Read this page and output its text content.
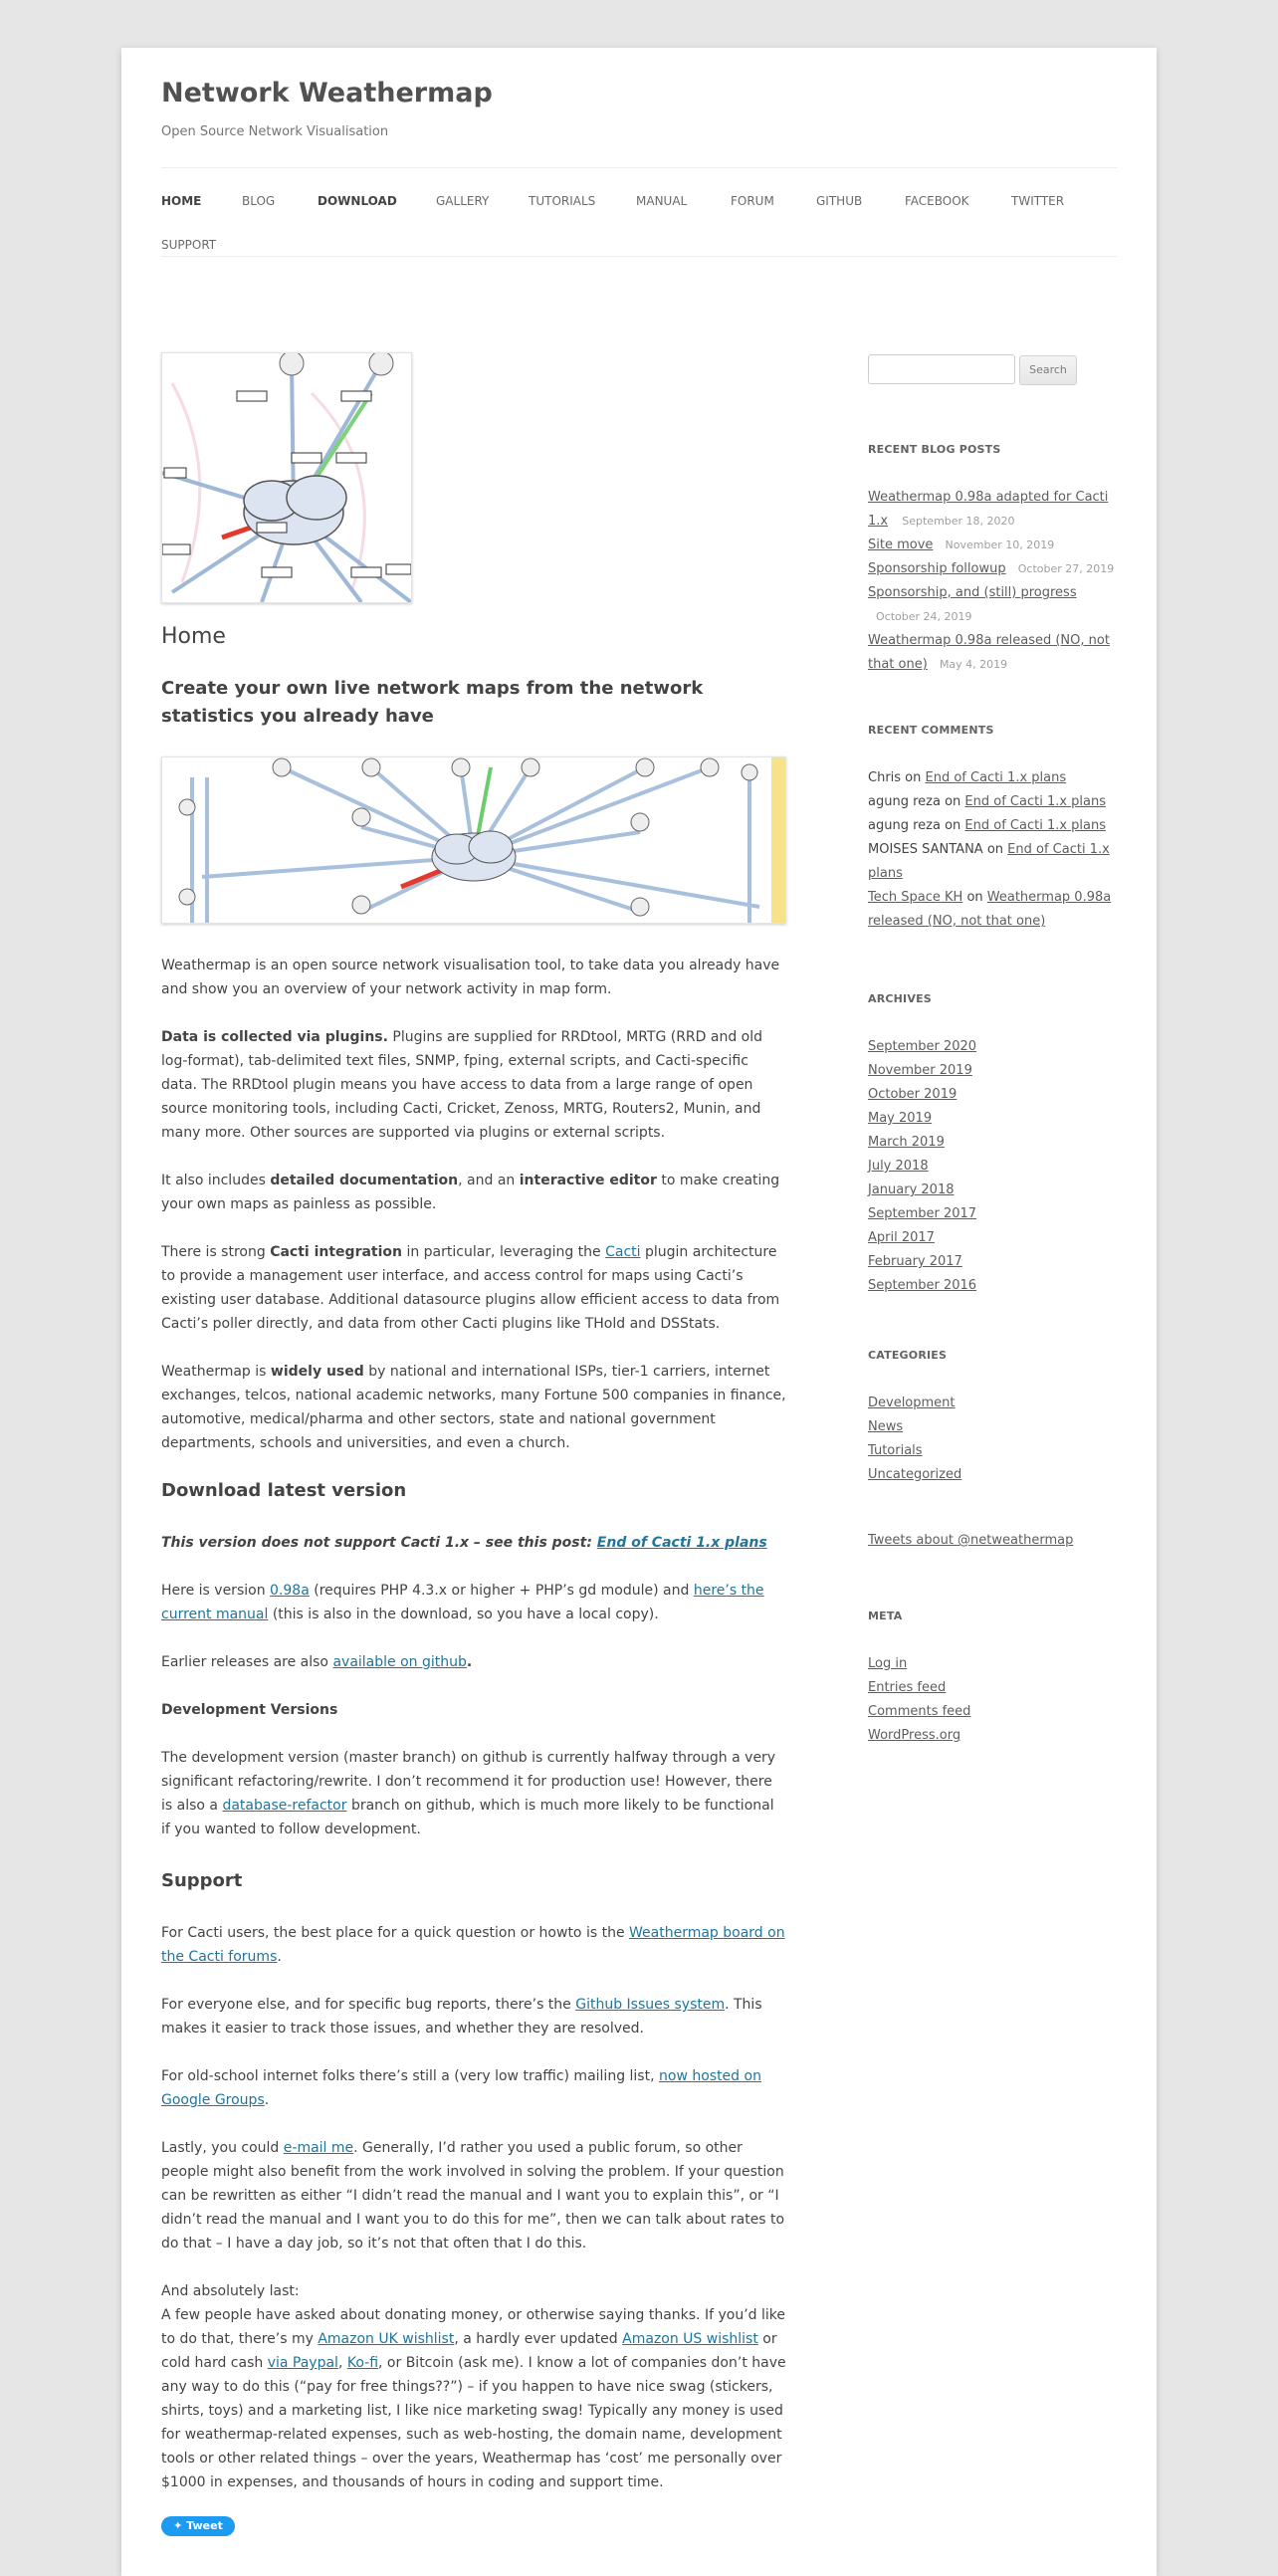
Network Weathermap
Open Source Network Visualisation
HOME	BLOG	DOWNLOAD	GALLERY	TUTORIALS	MANUAL	FORUM	GITHUB	FACEBOOK	TWITTER
SUPPORT
Home
Create your own live network maps from the network statistics you already have

Weathermap is an open source network visualisation tool, to take data you already have and show you an overview of your network activity in map form.

Data is collected via plugins. Plugins are supplied for RRDtool, MRTG (RRD and old log-format), tab-delimited text files, SNMP, fping, external scripts, and Cacti-specific data. The RRDtool plugin means you have access to data from a large range of open source monitoring tools, including Cacti, Cricket, Zenoss, MRTG, Routers2, Munin, and many more. Other sources are supported via plugins or external scripts.

It also includes detailed documentation, and an interactive editor to make creating your own maps as painless as possible.

There is strong Cacti integration in particular, leveraging the Cacti plugin architecture to provide a management user interface, and access control for maps using Cacti’s existing user database. Additional datasource plugins allow efficient access to data from Cacti’s poller directly, and data from other Cacti plugins like THold and DSStats.

Weathermap is widely used by national and international ISPs, tier-1 carriers, internet exchanges, telcos, national academic networks, many Fortune 500 companies in finance, automotive, medical/pharma and other sectors, state and national government departments, schools and universities, and even a church.

Download latest version

This version does not support Cacti 1.x – see this post: End of Cacti 1.x plans

Here is version 0.98a (requires PHP 4.3.x or higher + PHP’s gd module) and here’s the current manual (this is also in the download, so you have a local copy).

Earlier releases are also available on github.

Development Versions

The development version (master branch) on github is currently halfway through a very significant refactoring/rewrite. I don’t recommend it for production use! However, there is also a database-refactor branch on github, which is much more likely to be functional if you wanted to follow development.

Support

For Cacti users, the best place for a quick question or howto is the Weathermap board on the Cacti forums.

For everyone else, and for specific bug reports, there’s the Github Issues system. This makes it easier to track those issues, and whether they are resolved.

For old-school internet folks there’s still a (very low traffic) mailing list, now hosted on Google Groups.

Lastly, you could e-mail me. Generally, I’d rather you used a public forum, so other people might also benefit from the work involved in solving the problem. If your question can be rewritten as either “I didn’t read the manual and I want you to explain this”, or “I didn’t read the manual and I want you to do this for me”, then we can talk about rates to do that – I have a day job, so it’s not that often that I do this.

And absolutely last:
A few people have asked about donating money, or otherwise saying thanks. If you’d like to do that, there’s my Amazon UK wishlist, a hardly ever updated Amazon US wishlist or cold hard cash via Paypal, Ko-fi, or Bitcoin (ask me). I know a lot of companies don’t have any way to do this (“pay for free things??”) – if you happen to have nice swag (stickers, shirts, toys) and a marketing list, I like nice marketing swag! Typically any money is used for weathermap-related expenses, such as web-hosting, the domain name, development tools or other related things – over the years, Weathermap has ‘cost’ me personally over $1000 in expenses, and thousands of hours in coding and support time.

✦ Tweet
Search
RECENT BLOG POSTS
Weathermap 0.98a adapted for Cacti 1.x September 18, 2020
Site move November 10, 2019
Sponsorship followup October 27, 2019
Sponsorship, and (still) progress October 24, 2019
Weathermap 0.98a released (NO, not that one) May 4, 2019
RECENT COMMENTS
Chris on End of Cacti 1.x plans
agung reza on End of Cacti 1.x plans
agung reza on End of Cacti 1.x plans
MOISES SANTANA on End of Cacti 1.x plans
Tech Space KH on Weathermap 0.98a released (NO, not that one)
ARCHIVES
September 2020
November 2019
October 2019
May 2019
March 2019
July 2018
January 2018
September 2017
April 2017
February 2017
September 2016
CATEGORIES
Development
News
Tutorials
Uncategorized
Tweets about @netweathermap
META
Log in
Entries feed
Comments feed
WordPress.org
